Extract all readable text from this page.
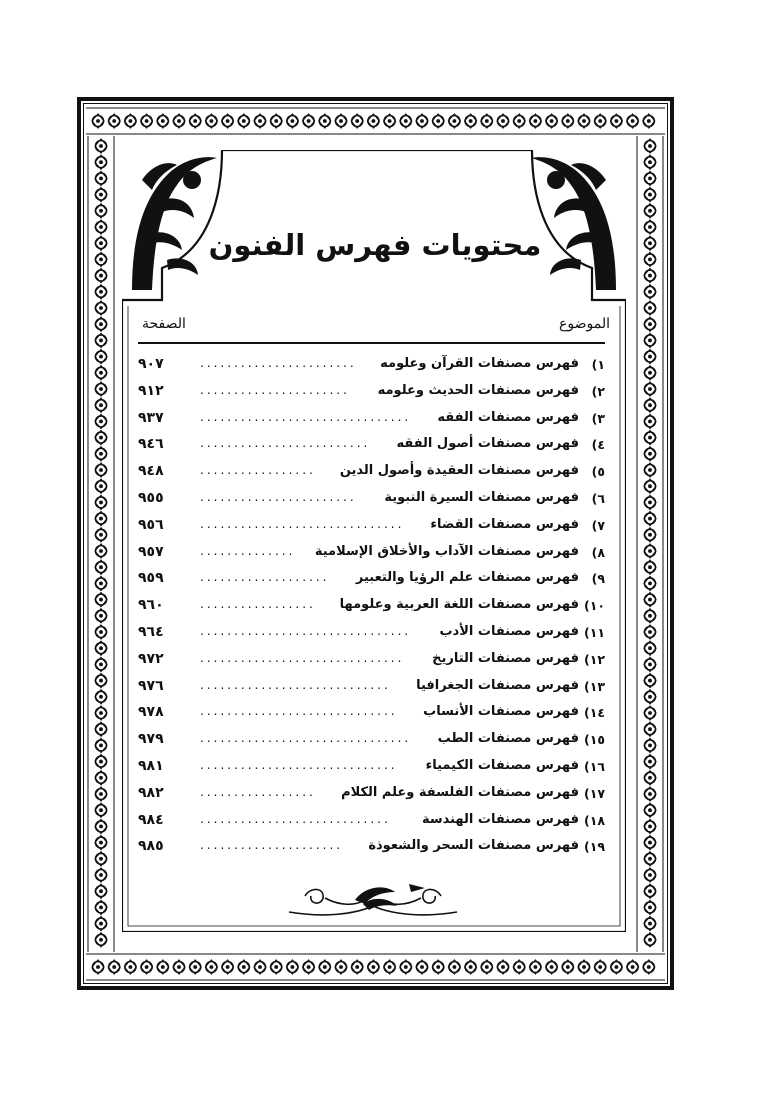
محتويات فهرس الفنون
الموضوع
الصفحة
١)
فهرس مصنفات القرآن وعلومه
٩٠٧	.......................
٢)
فهرس مصنفات الحديث وعلومه
٩١٢	......................
٣)
فهرس مصنفات الفقه
٩٣٧	...............................
٤)
فهرس مصنفات أصول الفقه
٩٤٦	.........................
٥)
فهرس مصنفات العقيدة وأصول الدين
٩٤٨	.................
٦)
فهرس مصنفات السيرة النبوية
٩٥٥	.......................
٧)
فهرس مصنفات القضاء
٩٥٦	..............................
٨)
فهرس مصنفات الآداب والأخلاق الإسلامية
٩٥٧	..............
٩)
فهرس مصنفات علم الرؤيا والتعبير
٩٥٩	...................
١٠)
فهرس مصنفات اللغة العربية وعلومها
٩٦٠	.................
١١)
فهرس مصنفات الأدب
٩٦٤	...............................
١٢)
فهرس مصنفات التاريخ
٩٧٢	..............................
١٣)
فهرس مصنفات الجغرافيا
٩٧٦	............................
١٤)
فهرس مصنفات الأنساب
٩٧٨	.............................
١٥)
فهرس مصنفات الطب
٩٧٩	...............................
١٦)
فهرس مصنفات الكيمياء
٩٨١	.............................
١٧)
فهرس مصنفات الفلسفة وعلم الكلام
٩٨٢	.................
١٨)
فهرس مصنفات الهندسة
٩٨٤	............................
١٩)
فهرس مصنفات السحر والشعوذة
٩٨٥	.....................
